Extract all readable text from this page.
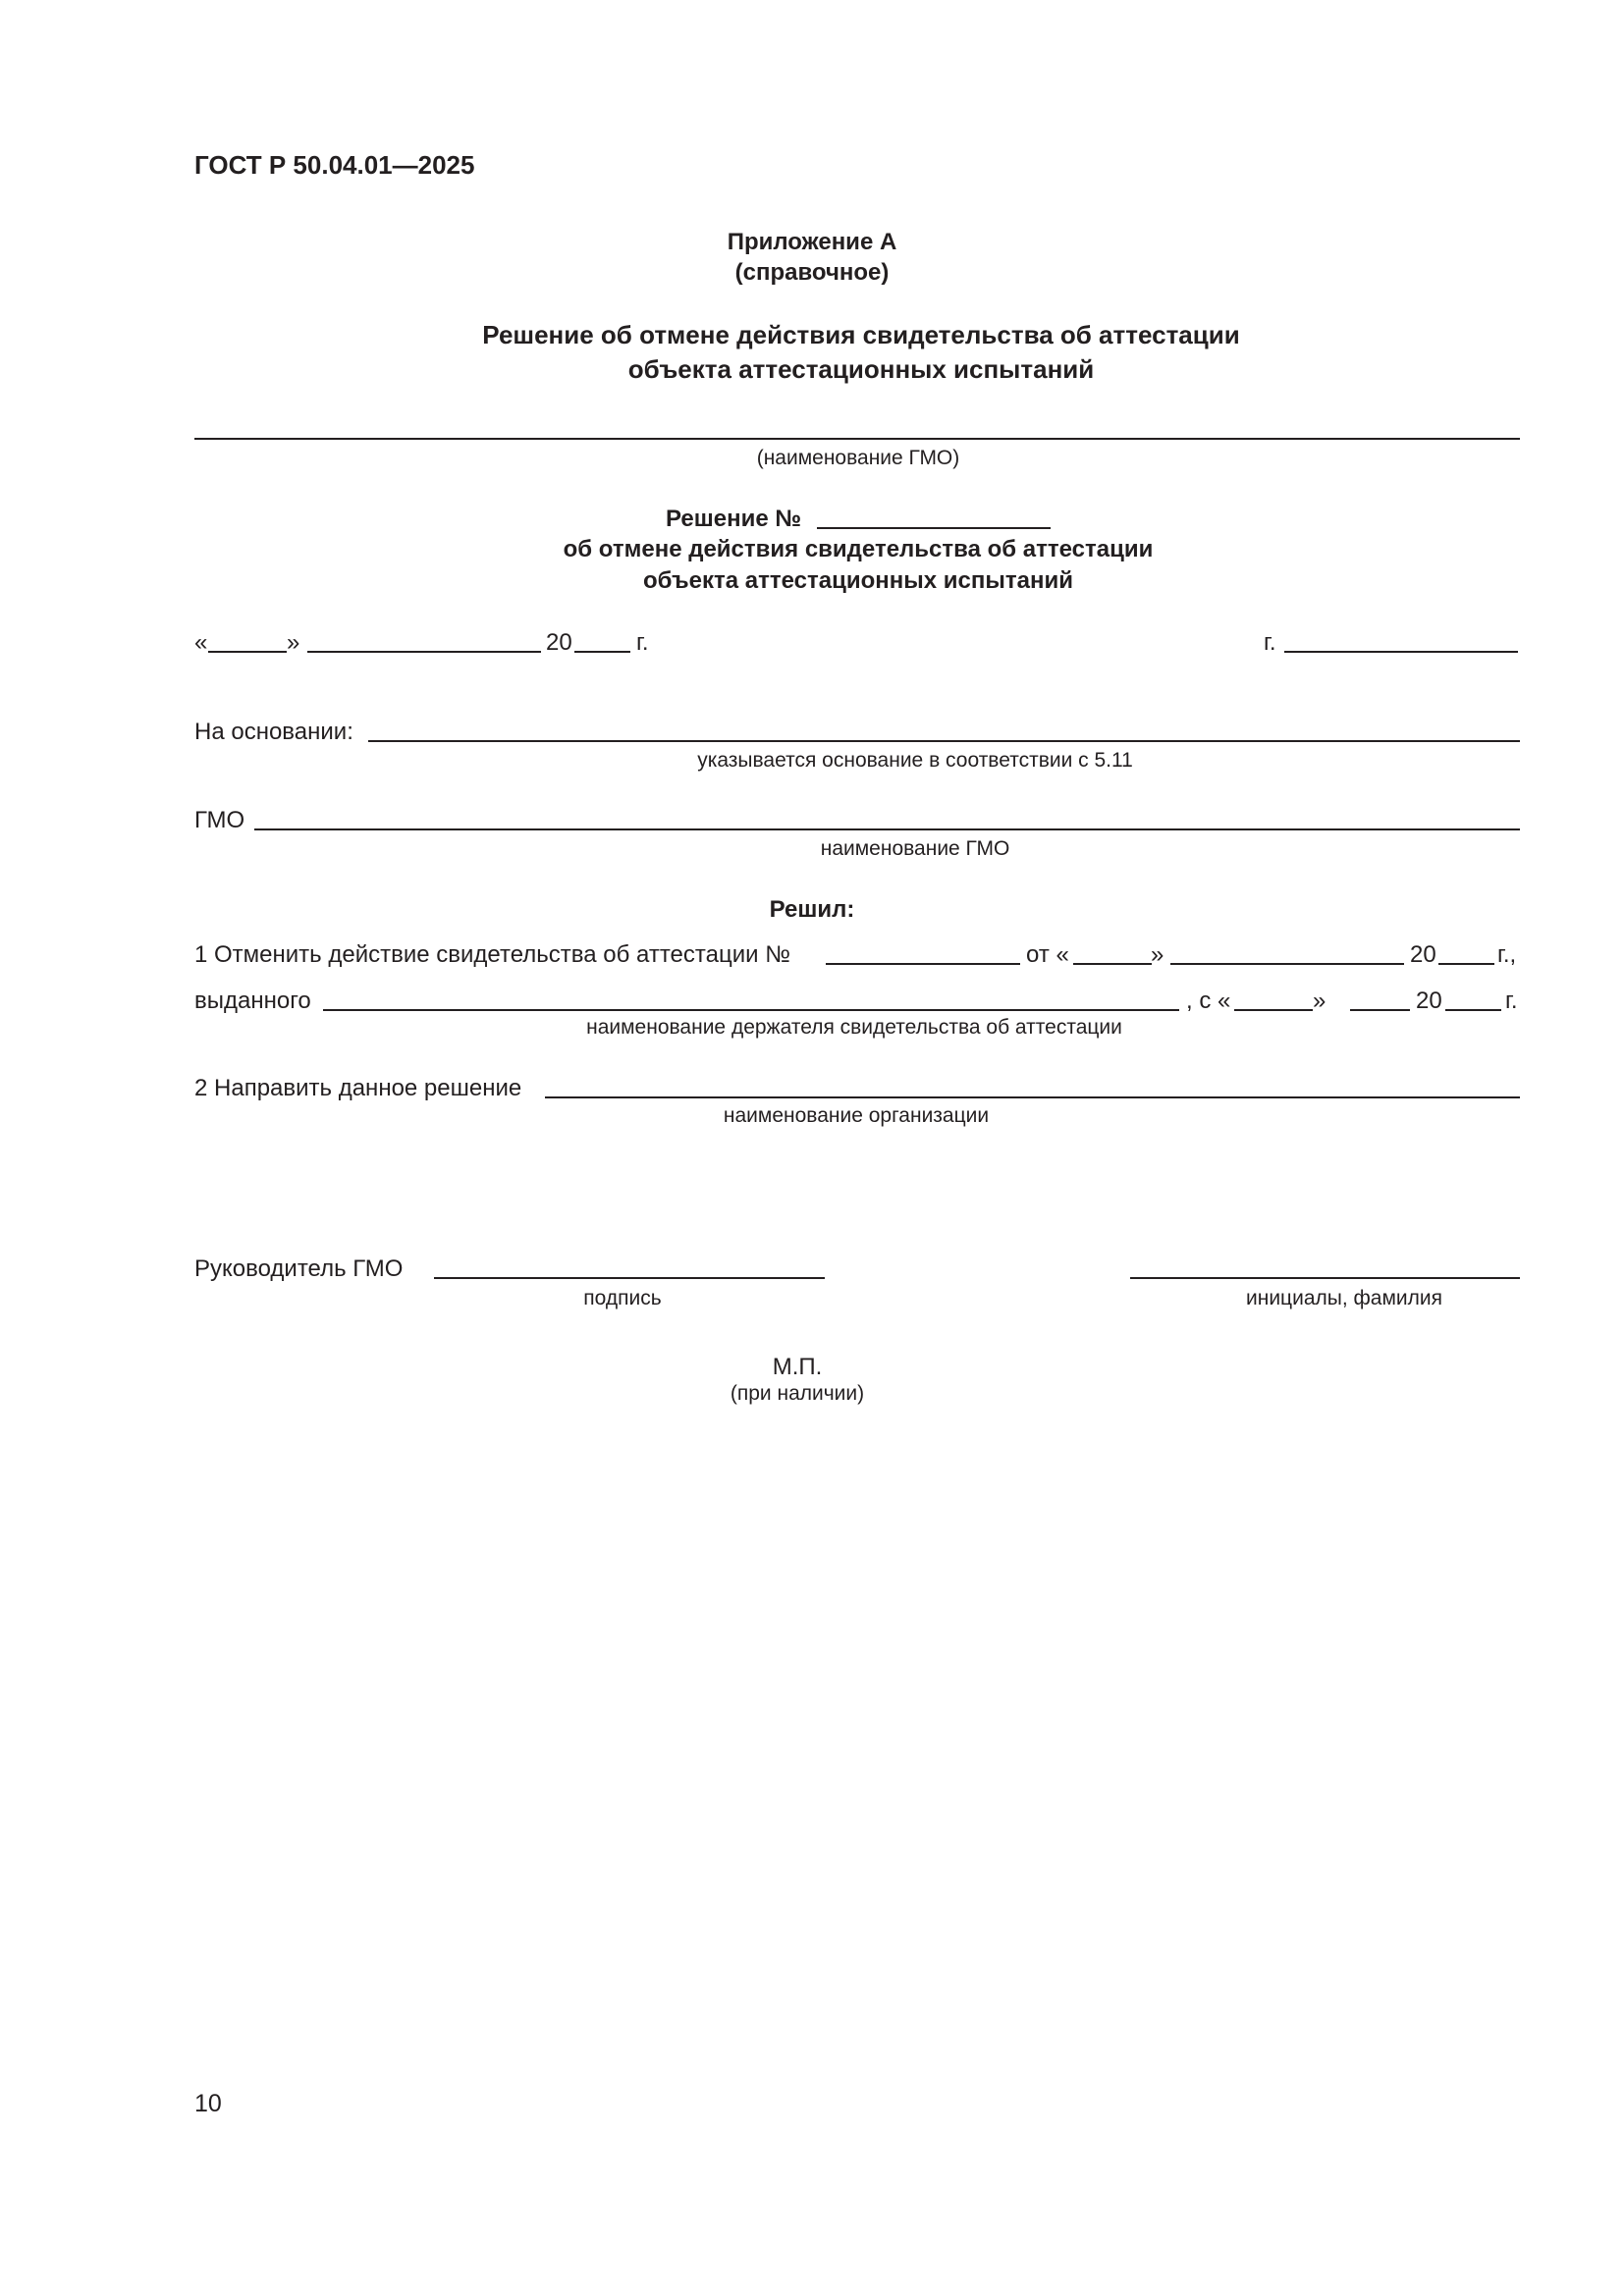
ГОСТ Р 50.04.01—2025
Приложение А
(справочное)
Решение об отмене действия свидетельства об аттестации
объекта аттестационных испытаний
(наименование ГМО)
Решение №
об отмене действия свидетельства об аттестации
объекта аттестационных испытаний
«	»	20	г.	г.
На основании:
указывается основание в соответствии с 5.11
ГМО
наименование ГМО
Решил:
1 Отменить действие свидетельства об аттестации №	от «	»	20	г.,
выданного	, с «	»	20	г.
наименование держателя свидетельства об аттестации
2 Направить данное решение
наименование организации
Руководитель ГМО
подпись	инициалы, фамилия
М.П.
(при наличии)
10
